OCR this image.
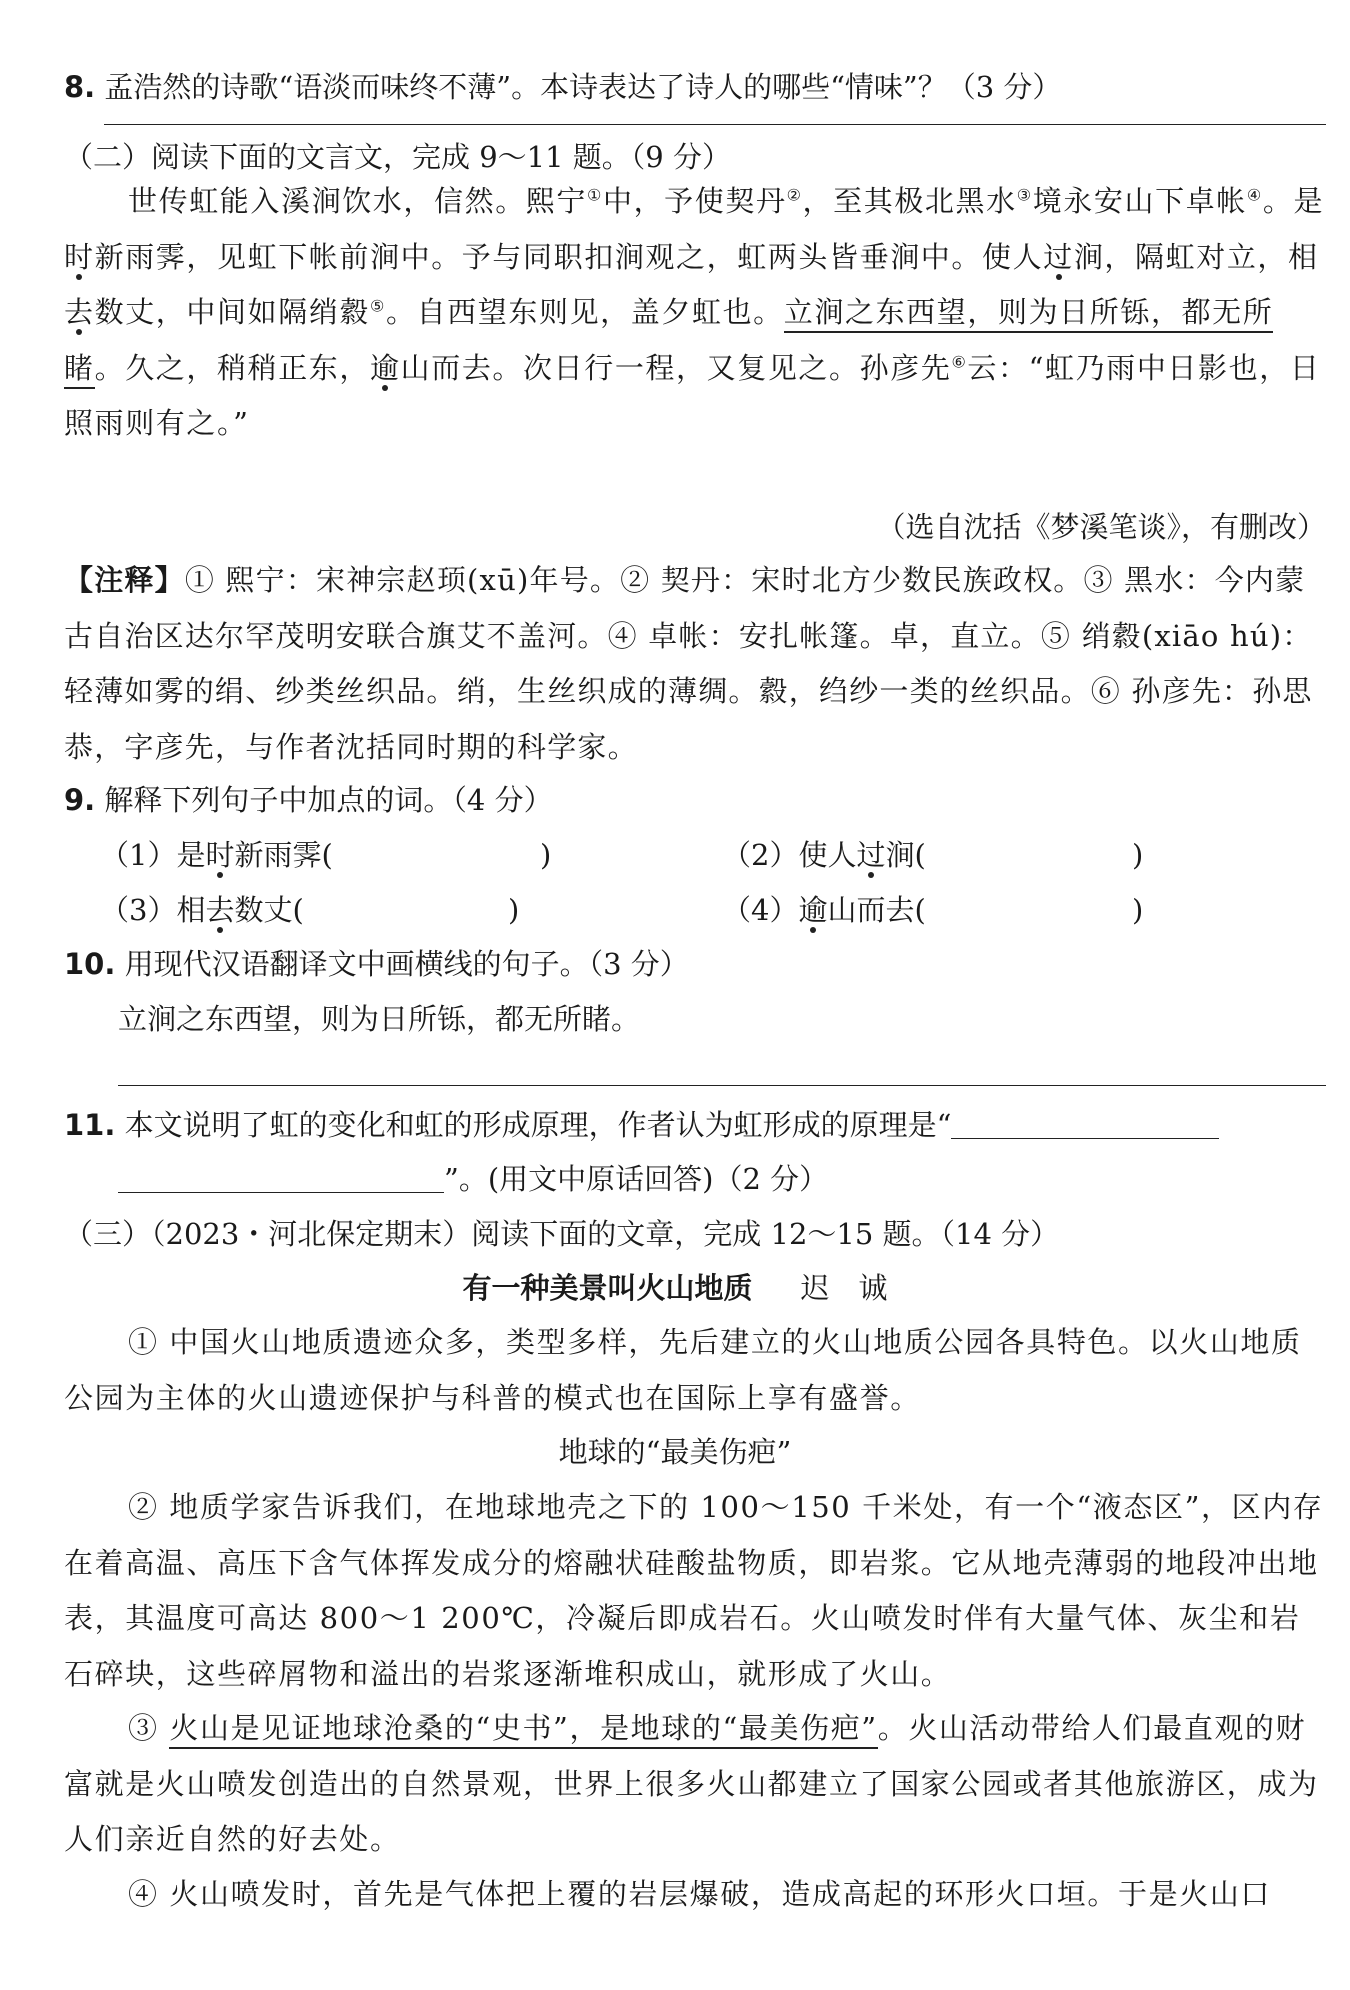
8. 孟浩然的诗歌“语淡而味终不薄”。本诗表达了诗人的哪些“情味”？（3 分）
（二）阅读下面的文言文，完成 9～11 题。（9 分）
世传虹能入溪涧饮水，信然。熙宁①中，予使契丹②，至其极北黑水③境永安山下卓帐④。是时新雨霁，见虹下帐前涧中。予与同职扣涧观之，虹两头皆垂涧中。使人过涧，隔虹对立，相去数丈，中间如隔绡縠⑤。自西望东则见，盖夕虹也。立涧之东西望，则为日所铄，都无所睹。久之，稍稍正东，逾山而去。次日行一程，又复见之。孙彦先⑥云：“虹乃雨中日影也，日照雨则有之。”
（选自沈括《梦溪笔谈》，有删改）
【注释】① 熙宁：宋神宗赵顼(xū)年号。② 契丹：宋时北方少数民族政权。③ 黑水：今内蒙古自治区达尔罕茂明安联合旗艾不盖河。④ 卓帐：安扎帐篷。卓，直立。⑤ 绡縠(xiāo hú)：轻薄如雾的绢、纱类丝织品。绡，生丝织成的薄绸。縠，绉纱一类的丝织品。⑥ 孙彦先：孙思恭，字彦先，与作者沈括同时期的科学家。
9. 解释下列句子中加点的词。（4 分）
（1）是时新雨霁(	)	（2）使人过涧(	)
（3）相去数丈(	)	（4）逾山而去(	)
10. 用现代汉语翻译文中画横线的句子。（3 分）
立涧之东西望，则为日所铄，都无所睹。
11. 本文说明了虹的变化和虹的形成原理，作者认为虹形成的原理是“
”。(用文中原话回答)（2 分）
（三）（2023・河北保定期末）阅读下面的文章，完成 12～15 题。（14 分）
有一种美景叫火山地质 迟　诚
① 中国火山地质遗迹众多，类型多样，先后建立的火山地质公园各具特色。以火山地质公园为主体的火山遗迹保护与科普的模式也在国际上享有盛誉。
地球的“最美伤疤”
② 地质学家告诉我们，在地球地壳之下的 100～150 千米处，有一个“液态区”，区内存在着高温、高压下含气体挥发成分的熔融状硅酸盐物质，即岩浆。它从地壳薄弱的地段冲出地表，其温度可高达 800～1 200℃，冷凝后即成岩石。火山喷发时伴有大量气体、灰尘和岩石碎块，这些碎屑物和溢出的岩浆逐渐堆积成山，就形成了火山。
③ 火山是见证地球沧桑的“史书”，是地球的“最美伤疤”。火山活动带给人们最直观的财富就是火山喷发创造出的自然景观，世界上很多火山都建立了国家公园或者其他旅游区，成为人们亲近自然的好去处。
④ 火山喷发时，首先是气体把上覆的岩层爆破，造成高起的环形火口垣。于是火山口
